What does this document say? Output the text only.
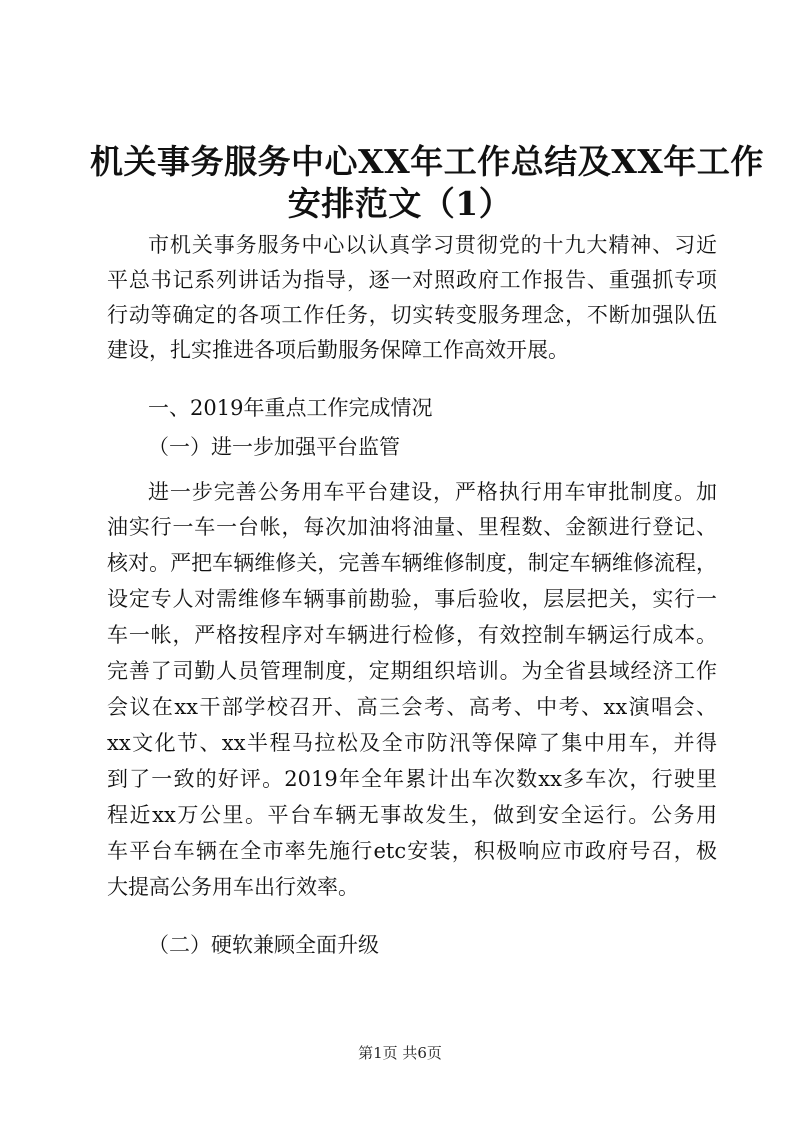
机关事务服务中心XX年工作总结及XX年工作
安排范文（1）
市机关事务服务中心以认真学习贯彻党的十九大精神、习近
平总书记系列讲话为指导，逐一对照政府工作报告、重强抓专项
行动等确定的各项工作任务，切实转变服务理念，不断加强队伍
建设，扎实推进各项后勤服务保障工作高效开展。
一、2019年重点工作完成情况
（一）进一步加强平台监管
进一步完善公务用车平台建设，严格执行用车审批制度。加
油实行一车一台帐，每次加油将油量、里程数、金额进行登记、
核对。严把车辆维修关，完善车辆维修制度，制定车辆维修流程，
设定专人对需维修车辆事前勘验，事后验收，层层把关，实行一
车一帐，严格按程序对车辆进行检修，有效控制车辆运行成本。
完善了司勤人员管理制度，定期组织培训。为全省县域经济工作
会议在xx干部学校召开、高三会考、高考、中考、xx演唱会、
xx文化节、xx半程马拉松及全市防汛等保障了集中用车，并得
到了一致的好评。2019年全年累计出车次数xx多车次，行驶里
程近xx万公里。平台车辆无事故发生，做到安全运行。公务用
车平台车辆在全市率先施行etc安装，积极响应市政府号召，极
大提高公务用车出行效率。
（二）硬软兼顾全面升级
第1页 共6页
